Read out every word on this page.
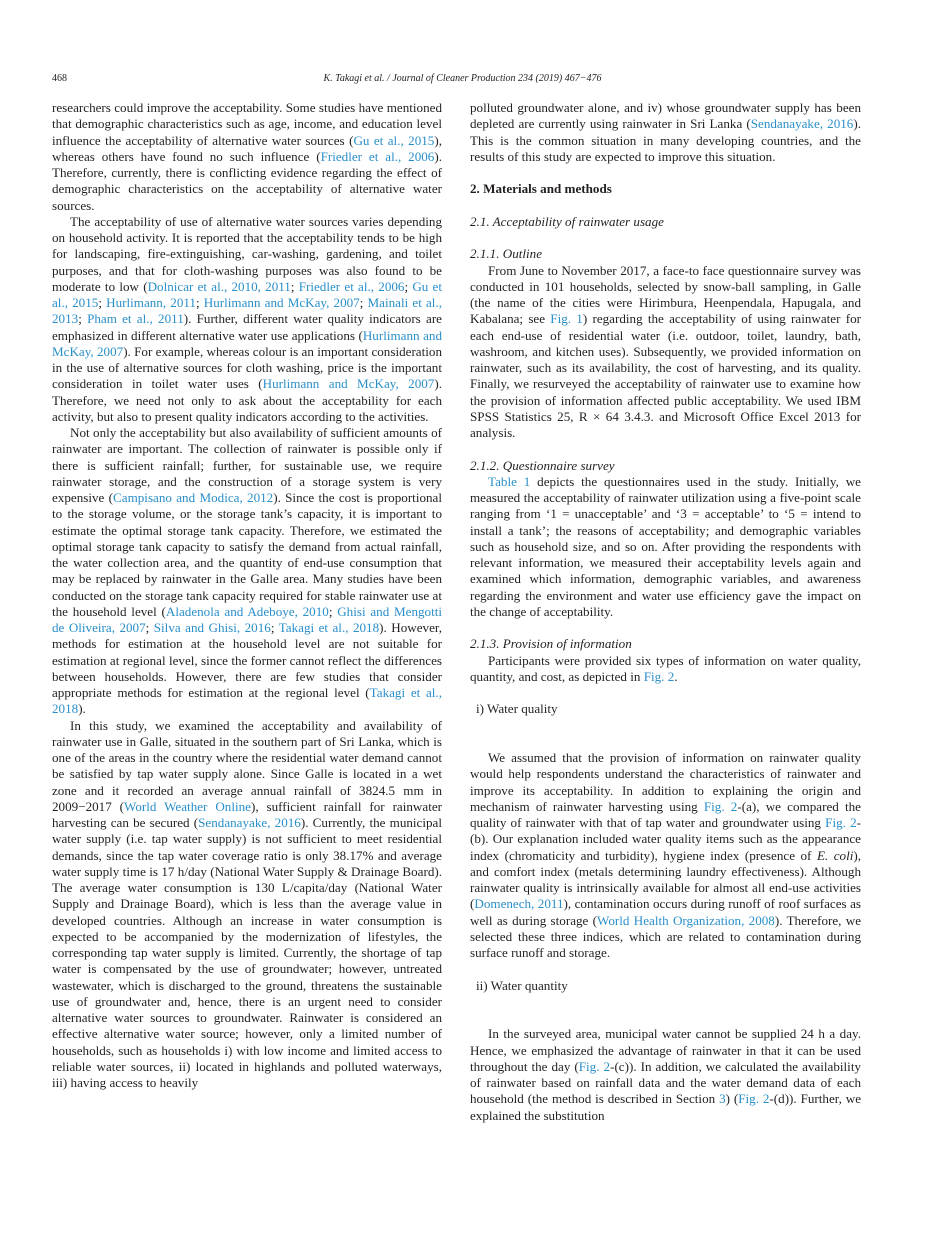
468	K. Takagi et al. / Journal of Cleaner Production 234 (2019) 467−476

researchers could improve the acceptability. Some studies have mentioned that demographic characteristics such as age, income, and education level influence the acceptability of alternative water sources (Gu et al., 2015), whereas others have found no such influence (Friedler et al., 2006). Therefore, currently, there is conflicting evidence regarding the effect of demographic characteristics on the acceptability of alternative water sources.

The acceptability of use of alternative water sources varies depending on household activity. It is reported that the acceptability tends to be high for landscaping, fire-extinguishing, car-washing, gardening, and toilet purposes, and that for cloth-washing purposes was also found to be moderate to low (Dolnicar et al., 2010, 2011; Friedler et al., 2006; Gu et al., 2015; Hurlimann, 2011; Hurlimann and McKay, 2007; Mainali et al., 2013; Pham et al., 2011). Further, different water quality indicators are emphasized in different alternative water use applications (Hurlimann and McKay, 2007). For example, whereas colour is an important consideration in the use of alternative sources for cloth washing, price is the important consideration in toilet water uses (Hurlimann and McKay, 2007). Therefore, we need not only to ask about the acceptability for each activity, but also to present quality indicators according to the activities.

Not only the acceptability but also availability of sufficient amounts of rainwater are important. The collection of rainwater is possible only if there is sufficient rainfall; further, for sustainable use, we require rainwater storage, and the construction of a storage system is very expensive (Campisano and Modica, 2012). Since the cost is proportional to the storage volume, or the storage tank’s capacity, it is important to estimate the optimal storage tank capacity. Therefore, we estimated the optimal storage tank capacity to satisfy the demand from actual rainfall, the water collection area, and the quantity of end-use consumption that may be replaced by rainwater in the Galle area. Many studies have been conducted on the storage tank capacity required for stable rainwater use at the household level (Aladenola and Adeboye, 2010; Ghisi and Mengotti de Oliveira, 2007; Silva and Ghisi, 2016; Takagi et al., 2018). However, methods for estimation at the household level are not suitable for estimation at regional level, since the former cannot reflect the differences between households. However, there are few studies that consider appropriate methods for estimation at the regional level (Takagi et al., 2018).

In this study, we examined the acceptability and availability of rainwater use in Galle, situated in the southern part of Sri Lanka, which is one of the areas in the country where the residential water demand cannot be satisfied by tap water supply alone. Since Galle is located in a wet zone and it recorded an average annual rainfall of 3824.5 mm in 2009−2017 (World Weather Online), sufficient rainfall for rainwater harvesting can be secured (Sendanayake, 2016). Currently, the municipal water supply (i.e. tap water supply) is not sufficient to meet residential demands, since the tap water coverage ratio is only 38.17% and average water supply time is 17 h/day (National Water Supply & Drainage Board). The average water consumption is 130 L/capita/day (National Water Supply and Drainage Board), which is less than the average value in developed countries. Although an increase in water consumption is expected to be accompanied by the modernization of lifestyles, the corresponding tap water supply is limited. Currently, the shortage of tap water is compensated by the use of groundwater; however, untreated wastewater, which is discharged to the ground, threatens the sustainable use of groundwater and, hence, there is an urgent need to consider alternative water sources to groundwater. Rainwater is considered an effective alternative water source; however, only a limited number of households, such as households i) with low income and limited access to reliable water sources, ii) located in highlands and polluted waterways, iii) having access to heavily

polluted groundwater alone, and iv) whose groundwater supply has been depleted are currently using rainwater in Sri Lanka (Sendanayake, 2016). This is the common situation in many developing countries, and the results of this study are expected to improve this situation.

2. Materials and methods
2.1. Acceptability of rainwater usage
2.1.1. Outline

From June to November 2017, a face-to face questionnaire survey was conducted in 101 households, selected by snow-ball sampling, in Galle (the name of the cities were Hirimbura, Heenpendala, Hapugala, and Kabalana; see Fig. 1) regarding the acceptability of using rainwater for each end-use of residential water (i.e. outdoor, toilet, laundry, bath, washroom, and kitchen uses). Subsequently, we provided information on rainwater, such as its availability, the cost of harvesting, and its quality. Finally, we resurveyed the acceptability of rainwater use to examine how the provision of information affected public acceptability. We used IBM SPSS Statistics 25, R × 64 3.4.3. and Microsoft Office Excel 2013 for analysis.

2.1.2. Questionnaire survey

Table 1 depicts the questionnaires used in the study. Initially, we measured the acceptability of rainwater utilization using a five-point scale ranging from ‘1 = unacceptable’ and ‘3 = acceptable’ to ‘5 = intend to install a tank’; the reasons of acceptability; and demographic variables such as household size, and so on. After providing the respondents with relevant information, we measured their acceptability levels again and examined which information, demographic variables, and awareness regarding the environment and water use efficiency gave the impact on the change of acceptability.

2.1.3. Provision of information

Participants were provided six types of information on water quality, quantity, and cost, as depicted in Fig. 2.

i) Water quality

We assumed that the provision of information on rainwater quality would help respondents understand the characteristics of rainwater and improve its acceptability. In addition to explaining the origin and mechanism of rainwater harvesting using Fig. 2-(a), we compared the quality of rainwater with that of tap water and groundwater using Fig. 2-(b). Our explanation included water quality items such as the appearance index (chromaticity and turbidity), hygiene index (presence of E. coli), and comfort index (metals determining laundry effectiveness). Although rainwater quality is intrinsically available for almost all end-use activities (Domenech, 2011), contamination occurs during runoff of roof surfaces as well as during storage (World Health Organization, 2008). Therefore, we selected these three indices, which are related to contamination during surface runoff and storage.

ii) Water quantity

In the surveyed area, municipal water cannot be supplied 24 h a day. Hence, we emphasized the advantage of rainwater in that it can be used throughout the day (Fig. 2-(c)). In addition, we calculated the availability of rainwater based on rainfall data and the water demand data of each household (the method is described in Section 3) (Fig. 2-(d)). Further, we explained the substitution
